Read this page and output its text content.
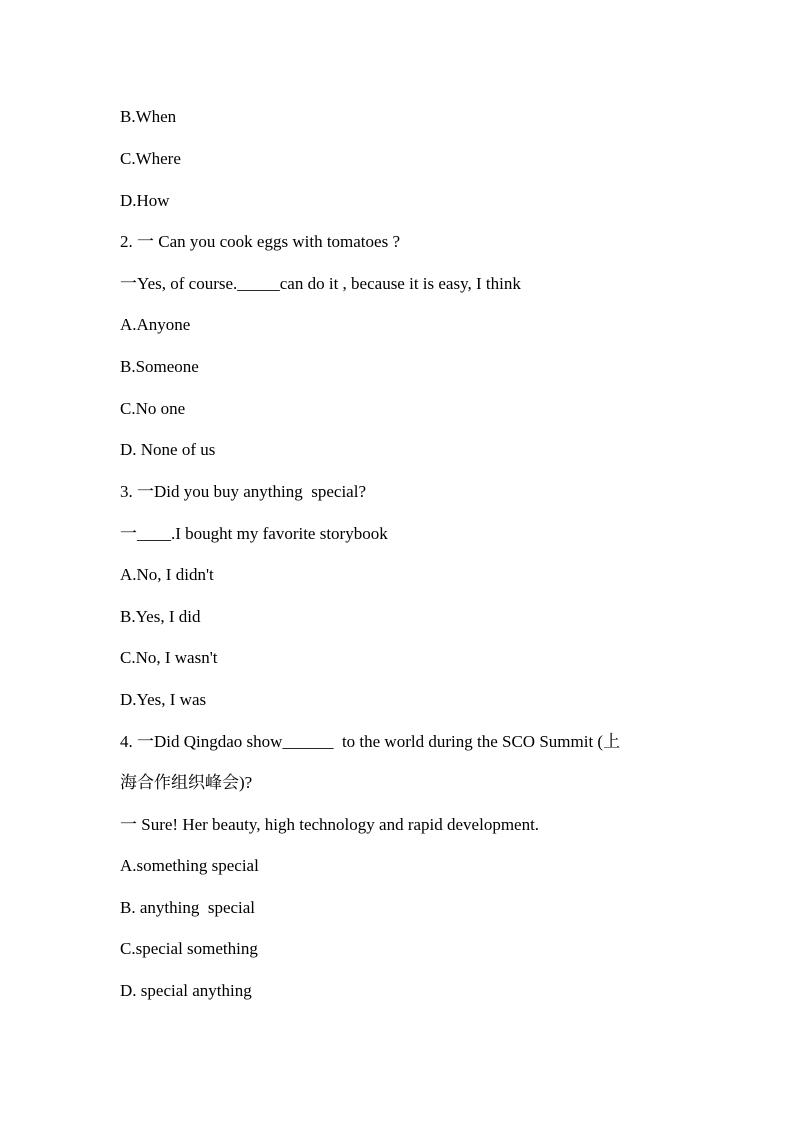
B.When
C.Where
D.How
2. 一 Can you cook eggs with tomatoes ?
一Yes, of course._____can do it , because it is easy, I think
A.Anyone
B.Someone
C.No one
D. None of us
3. 一Did you buy anything  special?
一____.I bought my favorite storybook
A.No, I didn't
B.Yes, I did
C.No, I wasn't
D.Yes, I was
4. 一Did Qingdao show______  to the world during the SCO Summit (上
海合作组织峰会)?
一 Sure! Her beauty, high technology and rapid development.
A.something special
B. anything  special
C.special something
D. special anything
